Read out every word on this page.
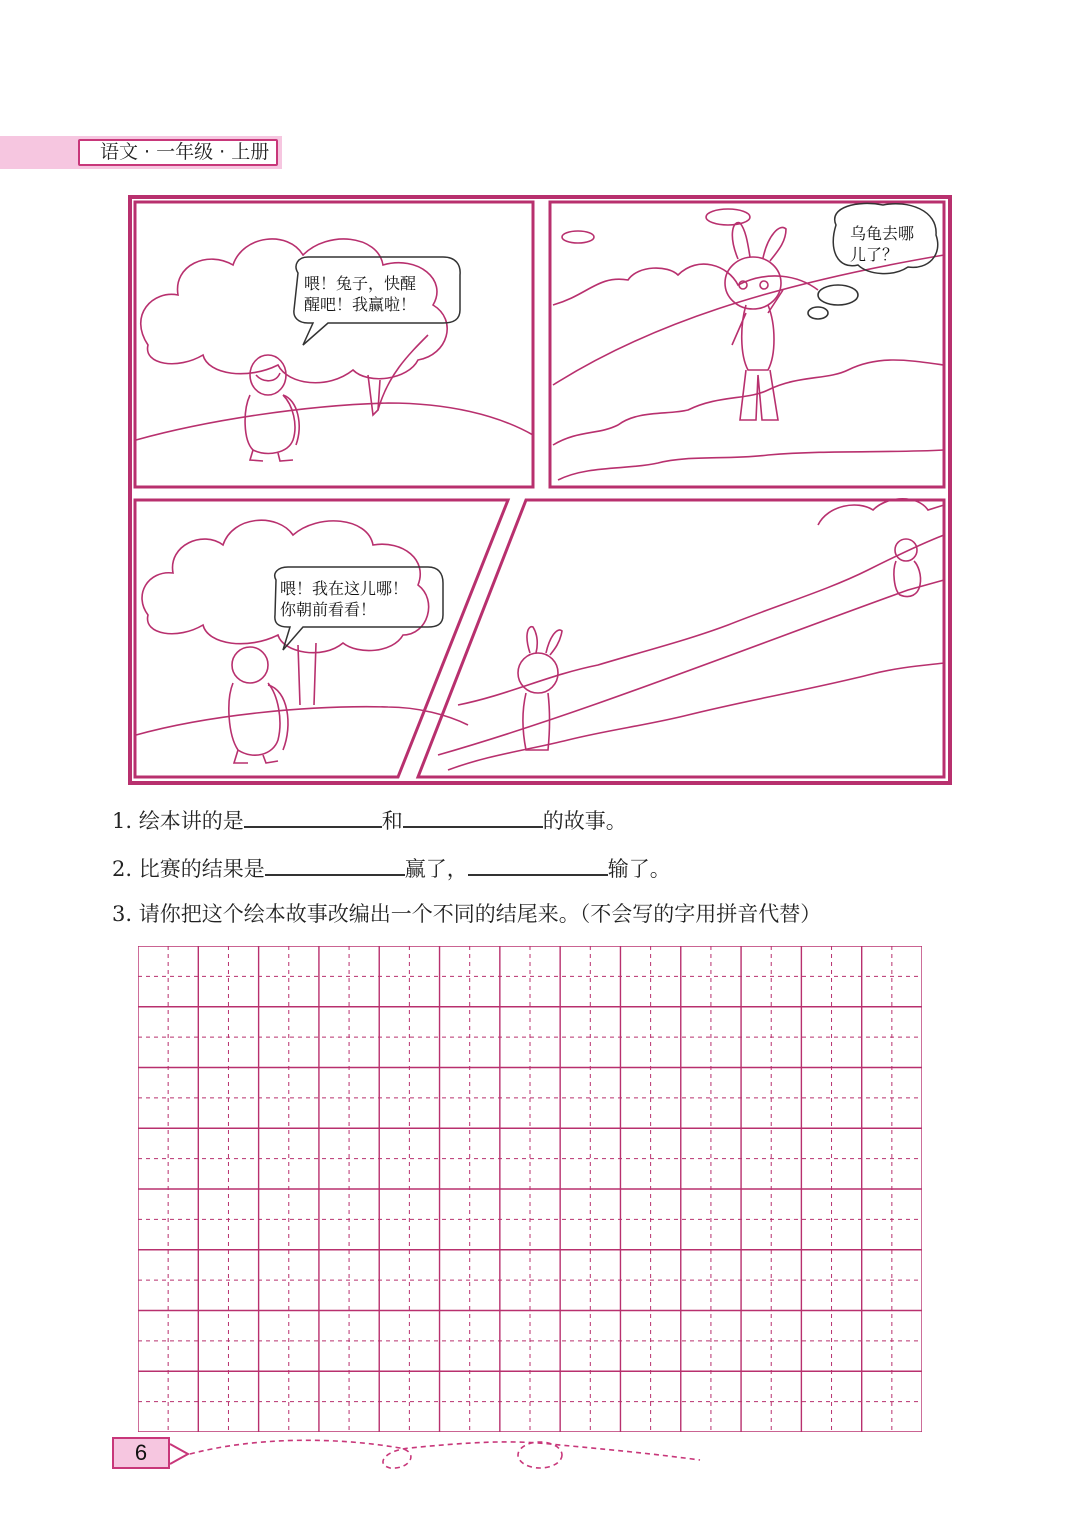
语文 · 一年级 · 上册
喂！兔子，快醒
醒吧！我赢啦！
乌龟去哪
儿了？
喂！我在这儿哪！
你朝前看看！
1. 绘本讲的是	和	的故事。
2. 比赛的结果是	赢了，	输了。
3. 请你把这个绘本故事改编出一个不同的结尾来。（不会写的字用拼音代替）
6
